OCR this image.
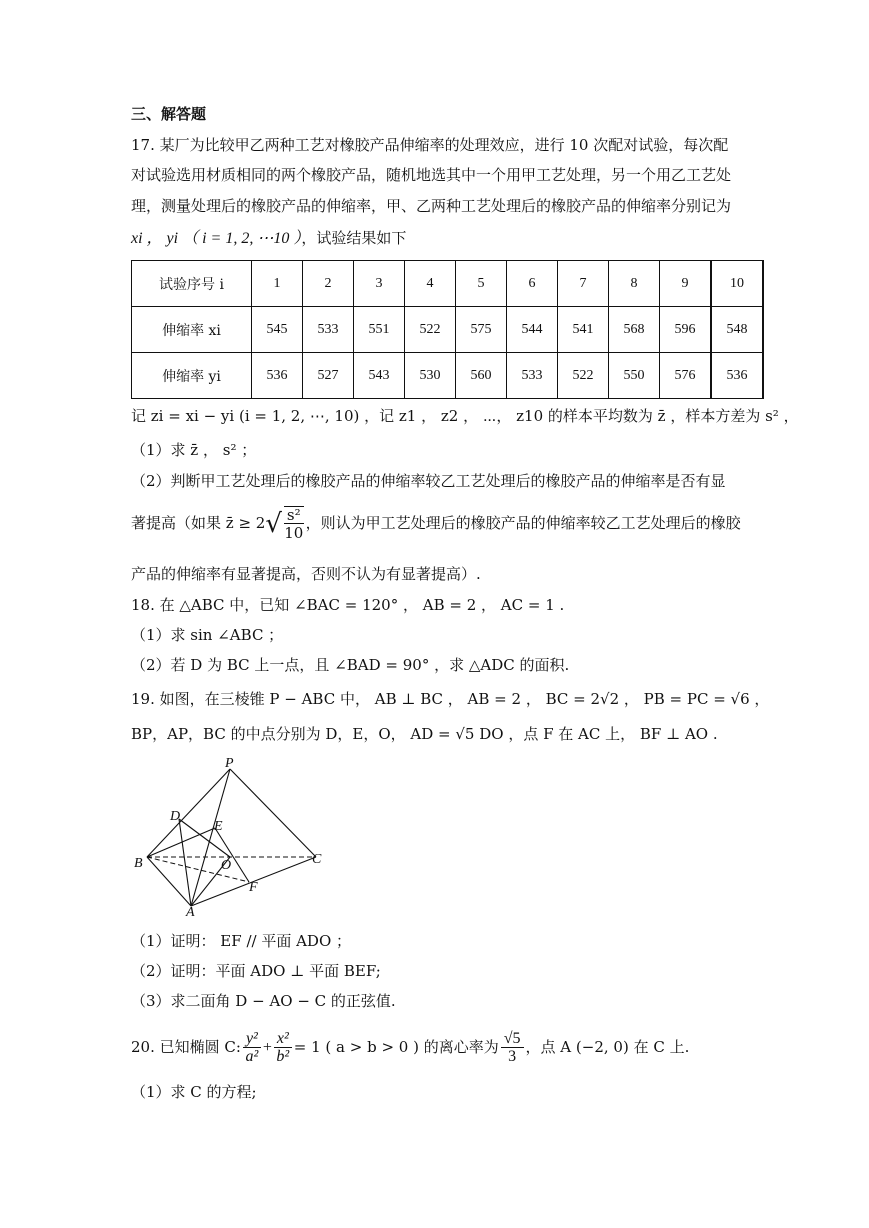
三、解答题
17. 某厂为比较甲乙两种工艺对橡胶产品伸缩率的处理效应，进行 10 次配对试验，每次配
对试验选用材质相同的两个橡胶产品，随机地选其中一个用甲工艺处理，另一个用乙工艺处
理，测量处理后的橡胶产品的伸缩率，甲、乙两种工艺处理后的橡胶产品的伸缩率分别记为
xi ， yi （ i = 1, 2, ⋯10 ），试验结果如下
试验序号 i	1	2	3	4	5	6	7	8	9	10
伸缩率 xi	545	533	551	522	575	544	541	568	596	548
伸缩率 yi	536	527	543	530	560	533	522	550	576	536
记 zi = xi − yi (i = 1, 2, ⋯, 10) ，记 z1 ， z2 ， ⋯， z10 的样本平均数为 z̄ ，样本方差为 s² ，
（1）求 z̄ ， s² ；
（2）判断甲工艺处理后的橡胶产品的伸缩率较乙工艺处理后的橡胶产品的伸缩率是否有显
著提高（如果 z̄ ≥ $2√ \frac{\text{s²}}{10}$ ，则认为甲工艺处理后的橡胶产品的伸缩率较乙工艺处理后的橡胶
产品的伸缩率有显著提高，否则不认为有显著提高）.
18. 在 △ABC 中，已知 ∠BAC = 120° ， AB = 2 ， AC = 1 .
（1）求 sin ∠ABC ；
（2）若 D 为 BC 上一点，且 ∠BAD = 90° ，求 △ADC 的面积.
19. 如图，在三棱锥 P − ABC 中， AB ⊥ BC ， AB = 2 ， BC = 2√2 ， PB = PC = √6 ，
BP，AP，BC 的中点分别为 D，E，O， AD = √5 DO ，点 F 在 AC 上， BF ⊥ AO .
P
D
E
B	O	C
F
A
（1）证明： EF // 平面 ADO ；
（2）证明：平面 ADO ⊥ 平面 BEF;
（3）求二面角 D − AO − C 的正弦值.
20. 已知椭圆 C: $\frac{\text{y²}}{\text{a²}} + \frac{\text{x²}}{\text{b²}} = 1$ ( a > b > 0 ) 的离心率为 $\frac{√5}{3}$ ，点 A (−2, 0) 在 C 上.
（1）求 C 的方程;
